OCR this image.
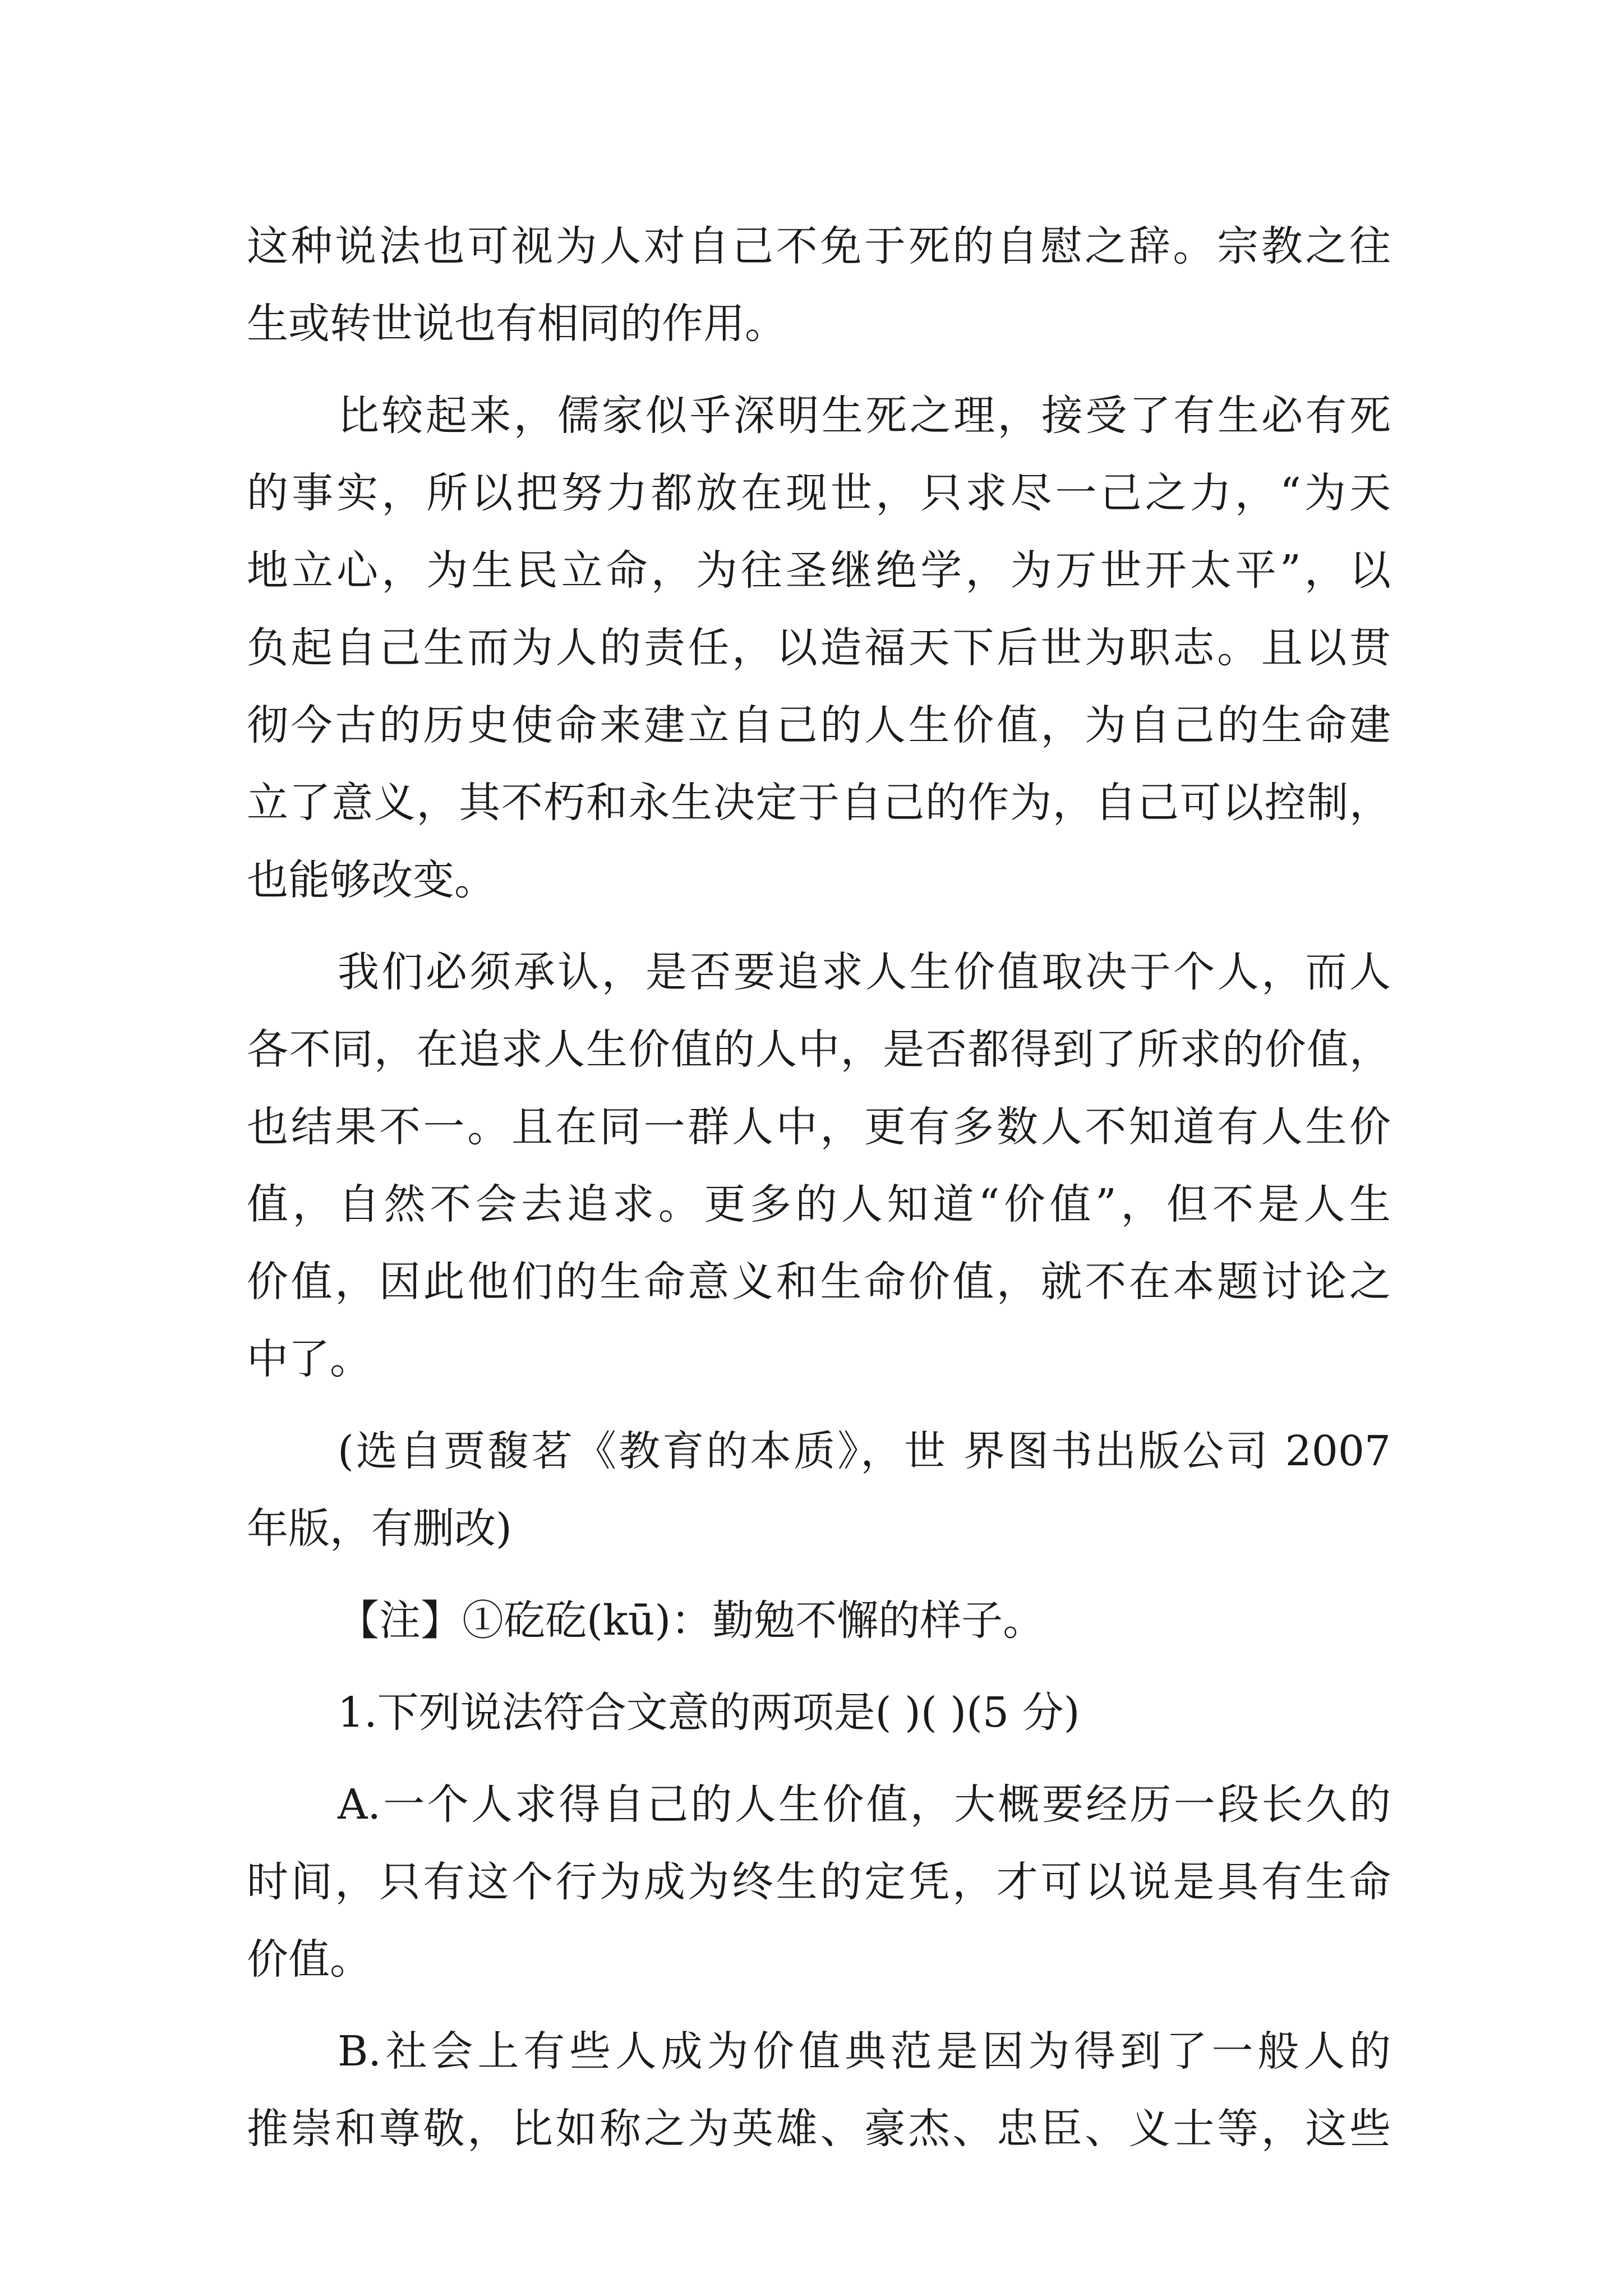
这种说法也可视为人对自己不免于死的自慰之辞。宗教之往
生或转世说也有相同的作用。
比较起来，儒家似乎深明生死之理，接受了有生必有死
的事实，所以把努力都放在现世，只求尽一己之力，“为天
地立心，为生民立命，为往圣继绝学，为万世开太平”，以
负起自己生而为人的责任，以造福天下后世为职志。且以贯
彻今古的历史使命来建立自己的人生价值，为自己的生命建
立了意义，其不朽和永生决定于自己的作为，自己可以控制，
也能够改变。
我们必须承认，是否要追求人生价值取决于个人，而人
各不同，在追求人生价值的人中，是否都得到了所求的价值，
也结果不一。且在同一群人中，更有多数人不知道有人生价
值，自然不会去追求。更多的人知道“价值”，但不是人生
价值，因此他们的生命意义和生命价值，就不在本题讨论之
中了。
(选自贾馥茗《教育的本质》，世 界图书出版公司 2007
年版，有删改)
【注】①矻矻(kū)：勤勉不懈的样子。
1.下列说法符合文意的两项是( )( )(5 分)
A.一个人求得自己的人生价值，大概要经历一段长久的
时间，只有这个行为成为终生的定凭，才可以说是具有生命
价值。
B.社会上有些人成为价值典范是因为得到了一般人的
推崇和尊敬，比如称之为英雄、豪杰、忠臣、义士等，这些
